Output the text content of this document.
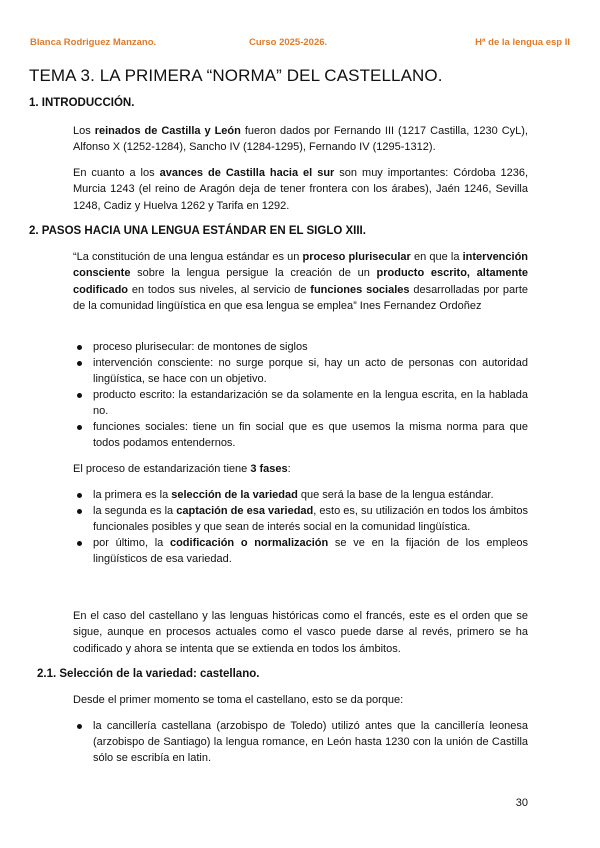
Blanca Rodriguez Manzano.	Curso 2025-2026.	Hª de la lengua esp II
TEMA 3. LA PRIMERA “NORMA” DEL CASTELLANO.
1. INTRODUCCIÓN.
Los reinados de Castilla y León fueron dados por Fernando III (1217 Castilla, 1230 CyL), Alfonso X (1252-1284), Sancho IV (1284-1295), Fernando IV (1295-1312).
En cuanto a los avances de Castilla hacia el sur son muy importantes: Córdoba 1236, Murcia 1243 (el reino de Aragón deja de tener frontera con los árabes), Jaén 1246, Sevilla 1248, Cadiz y Huelva 1262 y Tarifa en 1292.
2. PASOS HACIA UNA LENGUA ESTÁNDAR EN EL SIGLO XIII.
“La constitución de una lengua estándar es un proceso plurisecular en que la intervención consciente sobre la lengua persigue la creación de un producto escrito, altamente codificado en todos sus niveles, al servicio de funciones sociales desarrolladas por parte de la comunidad lingüística en que esa lengua se emplea” Ines Fernandez Ordoñez
proceso plurisecular: de montones de siglos
intervención consciente: no surge porque si, hay un acto de personas con autoridad lingüística, se hace con un objetivo.
producto escrito: la estandarización se da solamente en la lengua escrita, en la hablada no.
funciones sociales: tiene un fin social que es que usemos la misma norma para que todos podamos entendernos.
El proceso de estandarización tiene 3 fases:
la primera es la selección de la variedad que será la base de la lengua estándar.
la segunda es la captación de esa variedad, esto es, su utilización en todos los ámbitos funcionales posibles y que sean de interés social en la comunidad lingüística.
por último, la codificación o normalización se ve en la fijación de los empleos lingüísticos de esa variedad.
En el caso del castellano y las lenguas históricas como el francés, este es el orden que se sigue, aunque en procesos actuales como el vasco puede darse al revés, primero se ha codificado y ahora se intenta que se extienda en todos los ámbitos.
2.1. Selección de la variedad: castellano.
Desde el primer momento se toma el castellano, esto se da porque:
la cancillería castellana (arzobispo de Toledo) utilizó antes que la cancillería leonesa (arzobispo de Santiago) la lengua romance, en León hasta 1230 con la unión de Castilla sólo se escribía en latin.
30
